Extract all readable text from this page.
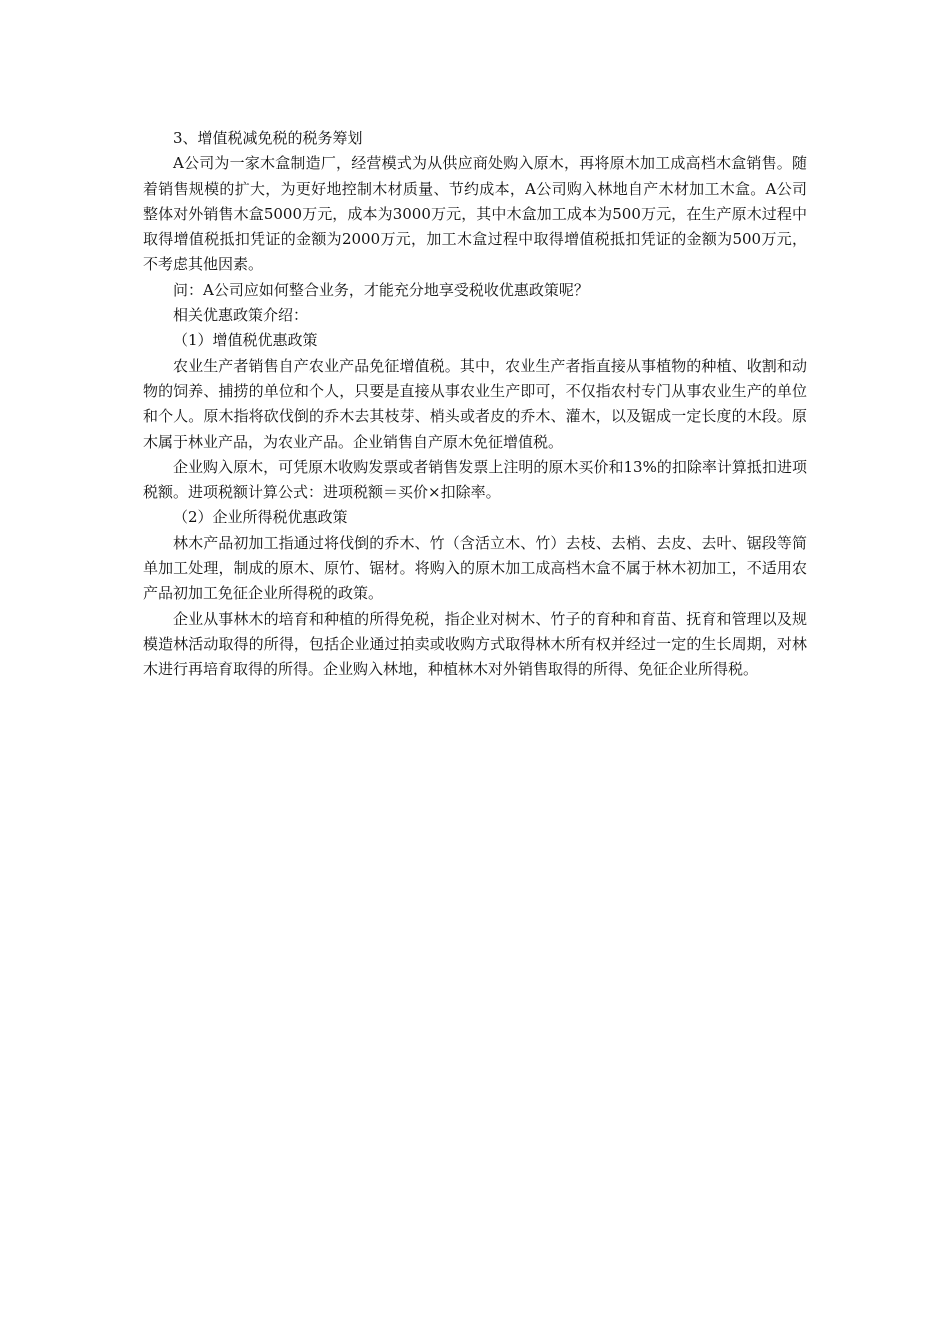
3、增值税减免税的税务筹划

A公司为一家木盒制造厂，经营模式为从供应商处购入原木，再将原木加工成高档木盒销售。随着销售规模的扩大，为更好地控制木材质量、节约成本，A公司购入林地自产木材加工木盒。A公司整体对外销售木盒5000万元，成本为3000万元，其中木盒加工成本为500万元，在生产原木过程中取得增值税抵扣凭证的金额为2000万元，加工木盒过程中取得增值税抵扣凭证的金额为500万元，不考虑其他因素。

问：A公司应如何整合业务，才能充分地享受税收优惠政策呢？

相关优惠政策介绍：

（1）增值税优惠政策

农业生产者销售自产农业产品免征增值税。其中，农业生产者指直接从事植物的种植、收割和动物的饲养、捕捞的单位和个人，只要是直接从事农业生产即可，不仅指农村专门从事农业生产的单位和个人。原木指将砍伐倒的乔木去其枝芽、梢头或者皮的乔木、灌木，以及锯成一定长度的木段。原木属于林业产品，为农业产品。企业销售自产原木免征增值税。

企业购入原木，可凭原木收购发票或者销售发票上注明的原木买价和13%的扣除率计算抵扣进项税额。进项税额计算公式：进项税额＝买价×扣除率。

（2）企业所得税优惠政策

林木产品初加工指通过将伐倒的乔木、竹（含活立木、竹）去枝、去梢、去皮、去叶、锯段等简单加工处理，制成的原木、原竹、锯材。将购入的原木加工成高档木盒不属于林木初加工，不适用农产品初加工免征企业所得税的政策。

企业从事林木的培育和种植的所得免税，指企业对树木、竹子的育种和育苗、抚育和管理以及规模造林活动取得的所得，包括企业通过拍卖或收购方式取得林木所有权并经过一定的生长周期，对林木进行再培育取得的所得。企业购入林地，种植林木对外销售取得的所得、免征企业所得税。
